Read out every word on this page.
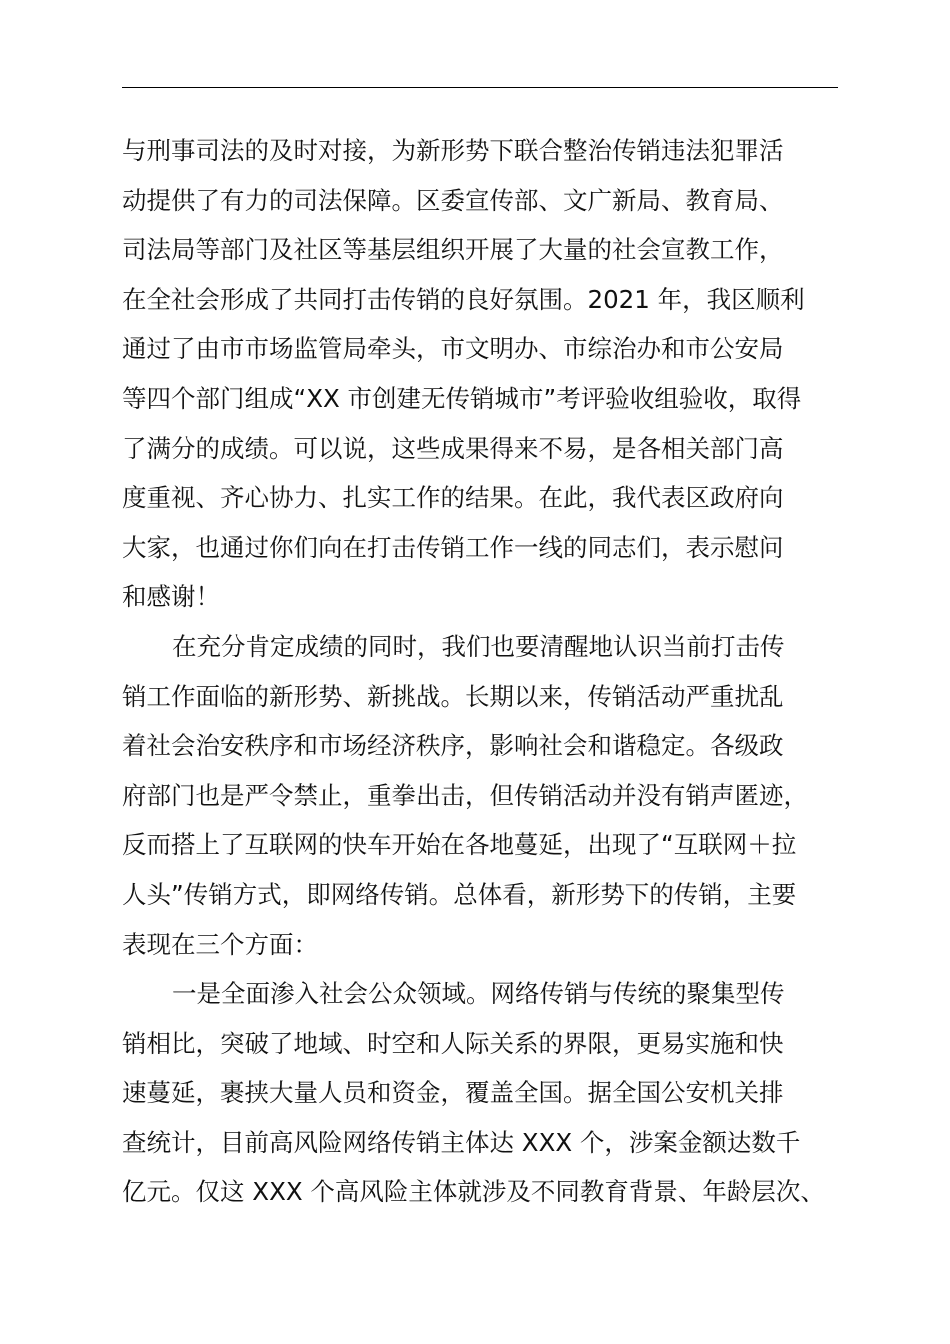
与刑事司法的及时对接，为新形势下联合整治传销违法犯罪活
动提供了有力的司法保障。区委宣传部、文广新局、教育局、
司法局等部门及社区等基层组织开展了大量的社会宣教工作，
在全社会形成了共同打击传销的良好氛围。2021 年，我区顺利
通过了由市市场监管局牵头，市文明办、市综治办和市公安局
等四个部门组成“XX 市创建无传销城市”考评验收组验收，取得
了满分的成绩。可以说，这些成果得来不易，是各相关部门高
度重视、齐心协力、扎实工作的结果。在此，我代表区政府向
大家，也通过你们向在打击传销工作一线的同志们，表示慰问
和感谢！
在充分肯定成绩的同时，我们也要清醒地认识当前打击传
销工作面临的新形势、新挑战。长期以来，传销活动严重扰乱
着社会治安秩序和市场经济秩序，影响社会和谐稳定。各级政
府部门也是严令禁止，重拳出击，但传销活动并没有销声匿迹，
反而搭上了互联网的快车开始在各地蔓延，出现了“互联网＋拉
人头”传销方式，即网络传销。总体看，新形势下的传销，主要
表现在三个方面：
一是全面渗入社会公众领域。网络传销与传统的聚集型传
销相比，突破了地域、时空和人际关系的界限，更易实施和快
速蔓延，裹挟大量人员和资金，覆盖全国。据全国公安机关排
查统计，目前高风险网络传销主体达 XXX 个，涉案金额达数千
亿元。仅这 XXX 个高风险主体就涉及不同教育背景、年龄层次、
